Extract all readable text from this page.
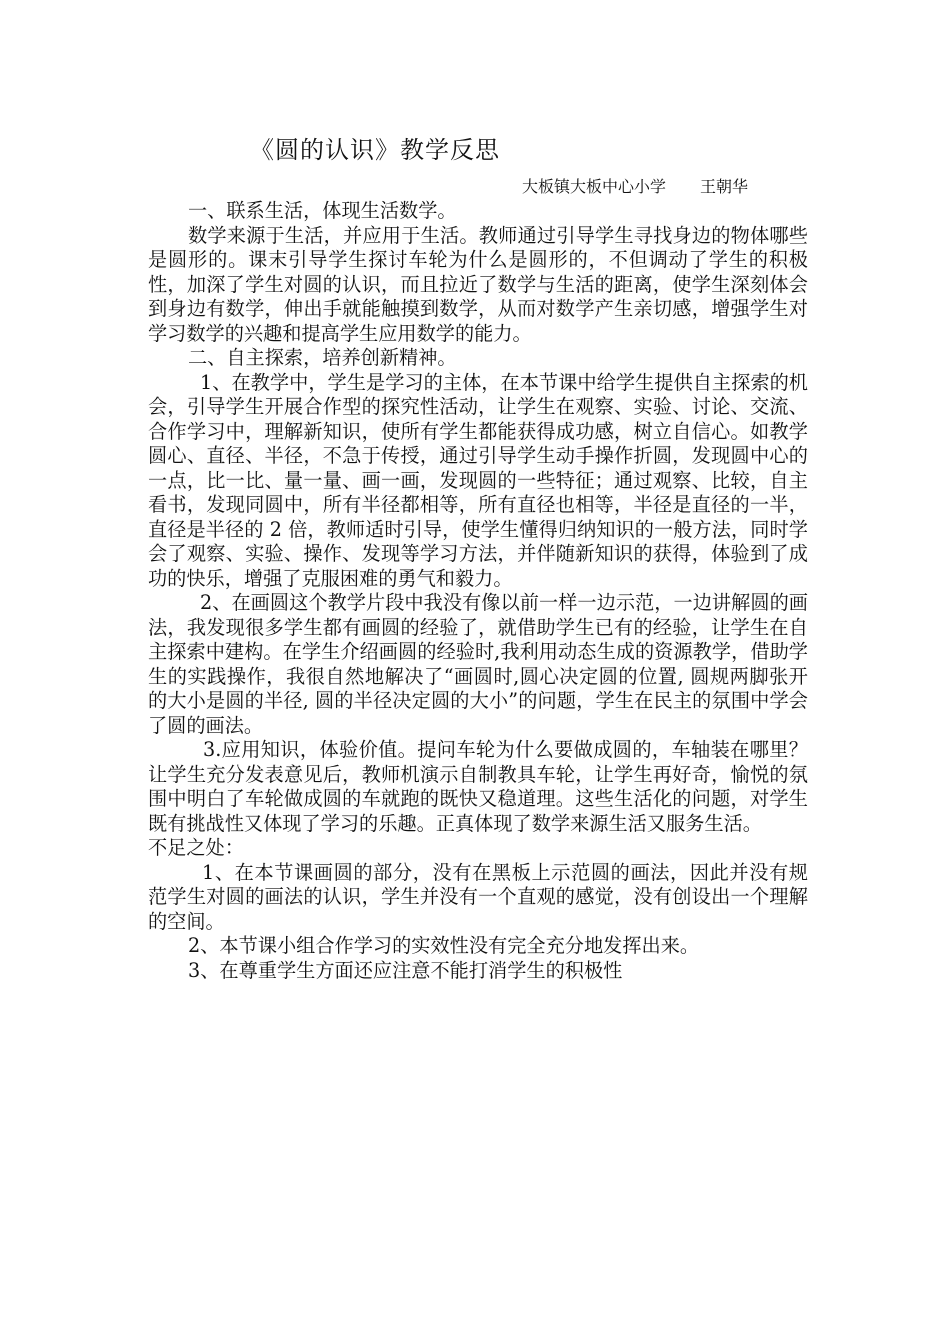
《圆的认识》教学反思
大板镇大板中心小学 王朝华

一、联系生活，体现生活数学。

数学来源于生活，并应用于生活。教师通过引导学生寻找身边的物体哪些是圆形的。课末引导学生探讨车轮为什么是圆形的，不但调动了学生的积极性，加深了学生对圆的认识，而且拉近了数学与生活的距离，使学生深刻体会到身边有数学，伸出手就能触摸到数学，从而对数学产生亲切感，增强学生对学习数学的兴趣和提高学生应用数学的能力。

二、自主探索，培养创新精神。

1、在教学中，学生是学习的主体，在本节课中给学生提供自主探索的机会，引导学生开展合作型的探究性活动，让学生在观察、实验、讨论、交流、合作学习中，理解新知识，使所有学生都能获得成功感，树立自信心。如教学圆心、直径、半径，不急于传授，通过引导学生动手操作折圆，发现圆中心的一点，比一比、量一量、画一画，发现圆的一些特征；通过观察、比较，自主看书，发现同圆中，所有半径都相等，所有直径也相等，半径是直径的一半，直径是半径的 2 倍，教师适时引导，使学生懂得归纳知识的一般方法，同时学会了观察、实验、操作、发现等学习方法，并伴随新知识的获得，体验到了成功的快乐，增强了克服困难的勇气和毅力。

2、在画圆这个教学片段中我没有像以前一样一边示范，一边讲解圆的画法，我发现很多学生都有画圆的经验了，就借助学生已有的经验，让学生在自主探索中建构。在学生介绍画圆的经验时,我利用动态生成的资源教学，借助学生的实践操作，我很自然地解决了“画圆时,圆心决定圆的位置, 圆规两脚张开的大小是圆的半径, 圆的半径决定圆的大小”的问题，学生在民主的氛围中学会了圆的画法。

3.应用知识，体验价值。提问车轮为什么要做成圆的，车轴装在哪里？让学生充分发表意见后，教师机演示自制教具车轮，让学生再好奇，愉悦的氛围中明白了车轮做成圆的车就跑的既快又稳道理。这些生活化的问题，对学生既有挑战性又体现了学习的乐趣。正真体现了数学来源生活又服务生活。

不足之处：

1、在本节课画圆的部分，没有在黑板上示范圆的画法，因此并没有规范学生对圆的画法的认识，学生并没有一个直观的感觉，没有创设出一个理解的空间。

2、本节课小组合作学习的实效性没有完全充分地发挥出来。

3、在尊重学生方面还应注意不能打消学生的积极性
